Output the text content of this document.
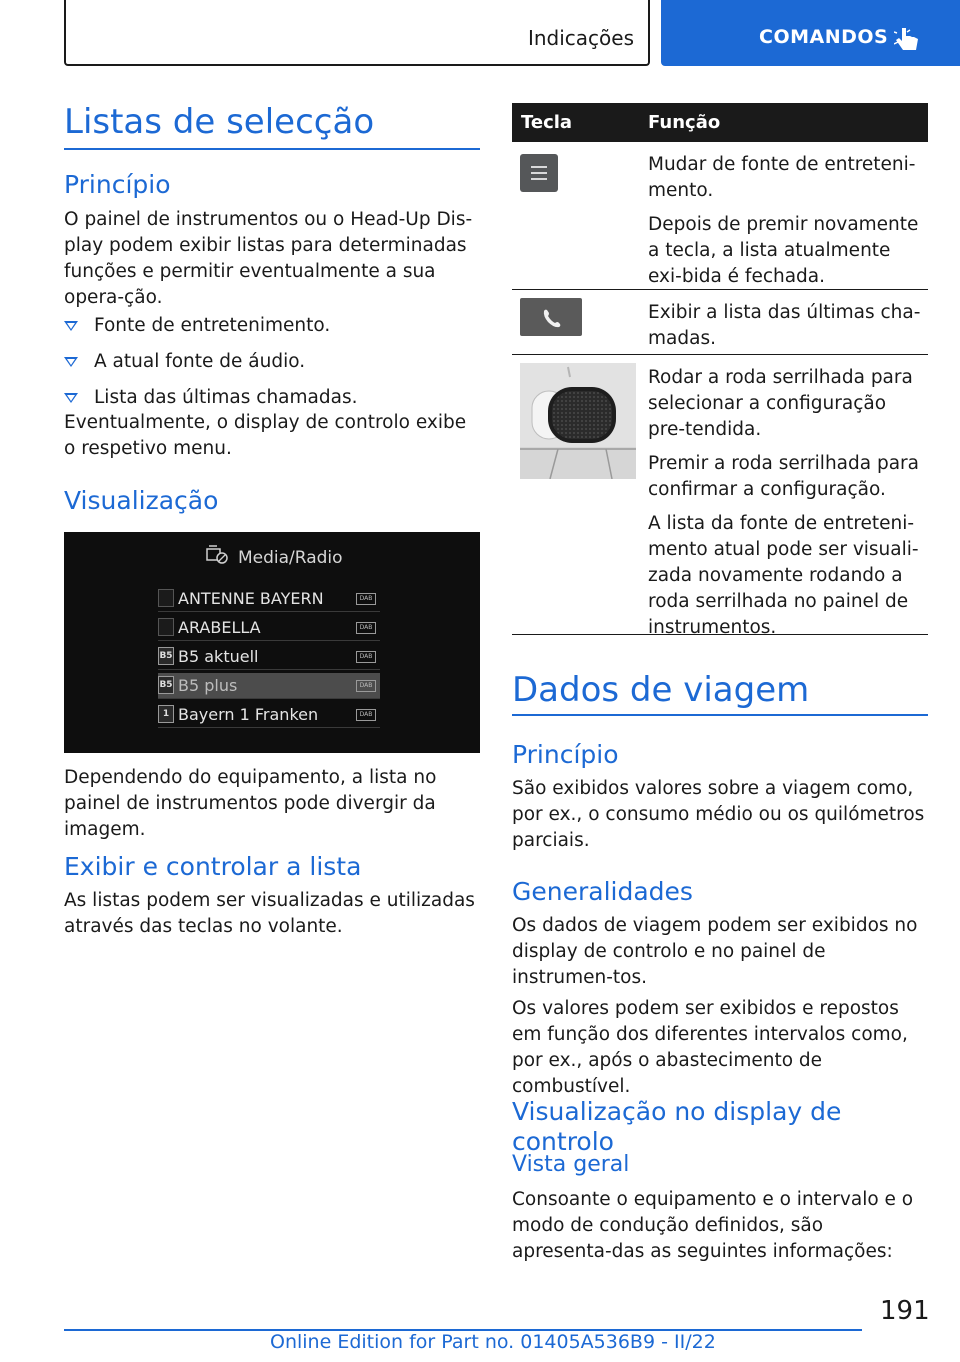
Indicações	COMANDOS
Listas de selecção
Princípio

O painel de instrumentos ou o Head-Up Dis-play podem exibir listas para determinadas funções e permitir eventualmente a sua opera-ção.

Fonte de entretenimento.
A atual fonte de áudio.
Lista das últimas chamadas.

Eventualmente, o display de controlo exibe o respetivo menu.

Visualização
Media/Radio
ANTENNE BAYERN	DAB
ARABELLA	DAB
B5 B5 aktuell	DAB
B5 B5 plus	DAB
1 Bayern 1 Franken	DAB

Dependendo do equipamento, a lista no painel de instrumentos pode divergir da imagem.

Exibir e controlar a lista

As listas podem ser visualizadas e utilizadas através das teclas no volante.

Tecla	Função

Mudar de fonte de entreteni-mento.

Depois de premir novamente a tecla, a lista atualmente exi-bida é fechada.

Exibir a lista das últimas cha-madas.

Rodar a roda serrilhada para selecionar a configuração pre-tendida.

Premir a roda serrilhada para confirmar a configuração.

A lista da fonte de entreteni-mento atual pode ser visuali-zada novamente rodando a roda serrilhada no painel de instrumentos.

Dados de viagem
Princípio

São exibidos valores sobre a viagem como, por ex., o consumo médio ou os quilómetros parciais.

Generalidades

Os dados de viagem podem ser exibidos no display de controlo e no painel de instrumen-tos.

Os valores podem ser exibidos e repostos em função dos diferentes intervalos como, por ex., após o abastecimento de combustível.

Visualização no display de controlo
Vista geral

Consoante o equipamento e o intervalo e o modo de condução definidos, são apresenta-das as seguintes informações:

191
Online Edition for Part no. 01405A536B9 - II/22
